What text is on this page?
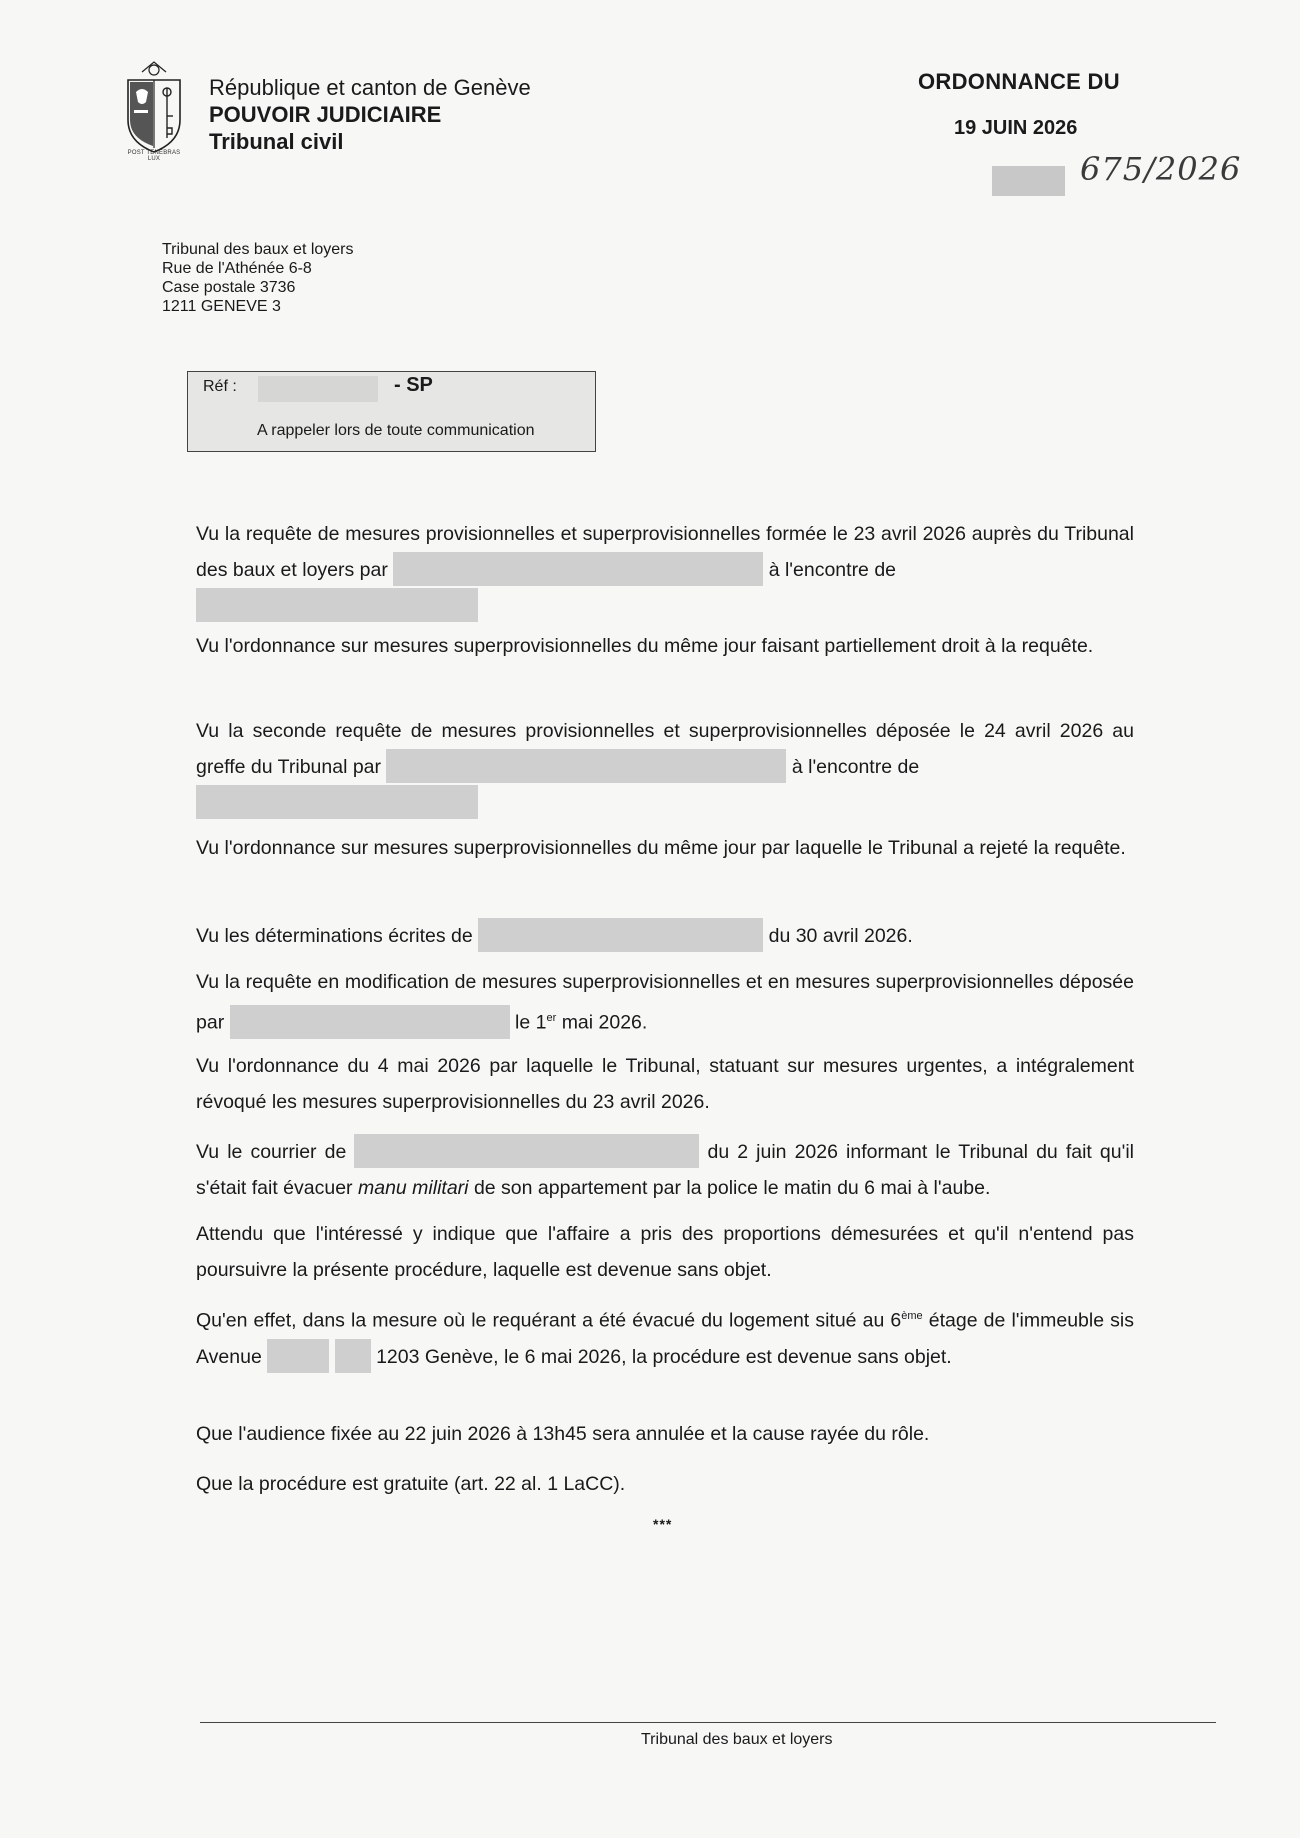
POST TENEBRAS LUX
République et canton de Genève
POUVOIR JUDICIAIRE
Tribunal civil
ORDONNANCE DU
19 JUIN 2026
675/2026
Tribunal des baux et loyers
Rue de l'Athénée 6-8
Case postale 3736
1211 GENEVE 3
Réf :	- SP
A rappeler lors de toute communication

Vu la requête de mesures provisionnelles et superprovisionnelles formée le 23 avril 2026 auprès du Tribunal des baux et loyers par	à l'encontre de

Vu l'ordonnance sur mesures superprovisionnelles du même jour faisant partiellement droit à la requête.

Vu la seconde requête de mesures provisionnelles et superprovisionnelles déposée le 24 avril 2026 au greffe du Tribunal par	à l'encontre de

Vu l'ordonnance sur mesures superprovisionnelles du même jour par laquelle le Tribunal a rejeté la requête.

Vu les déterminations écrites de	du 30 avril 2026.

Vu la requête en modification de mesures superprovisionnelles et en mesures superprovisionnelles déposée par	le 1er mai 2026.

Vu l'ordonnance du 4 mai 2026 par laquelle le Tribunal, statuant sur mesures urgentes, a intégralement révoqué les mesures superprovisionnelles du 23 avril 2026.

Vu le courrier de	du 2 juin 2026 informant le Tribunal du fait qu'il s'était fait évacuer manu militari de son appartement par la police le matin du 6 mai à l'aube.

Attendu que l'intéressé y indique que l'affaire a pris des proportions démesurées et qu'il n'entend pas poursuivre la présente procédure, laquelle est devenue sans objet.

Qu'en effet, dans la mesure où le requérant a été évacué du logement situé au 6ème étage de l'immeuble sis Avenue	1203 Genève, le 6 mai 2026, la procédure est devenue sans objet.

Que l'audience fixée au 22 juin 2026 à 13h45 sera annulée et la cause rayée du rôle.

Que la procédure est gratuite (art. 22 al. 1 LaCC).

***
Tribunal des baux et loyers
